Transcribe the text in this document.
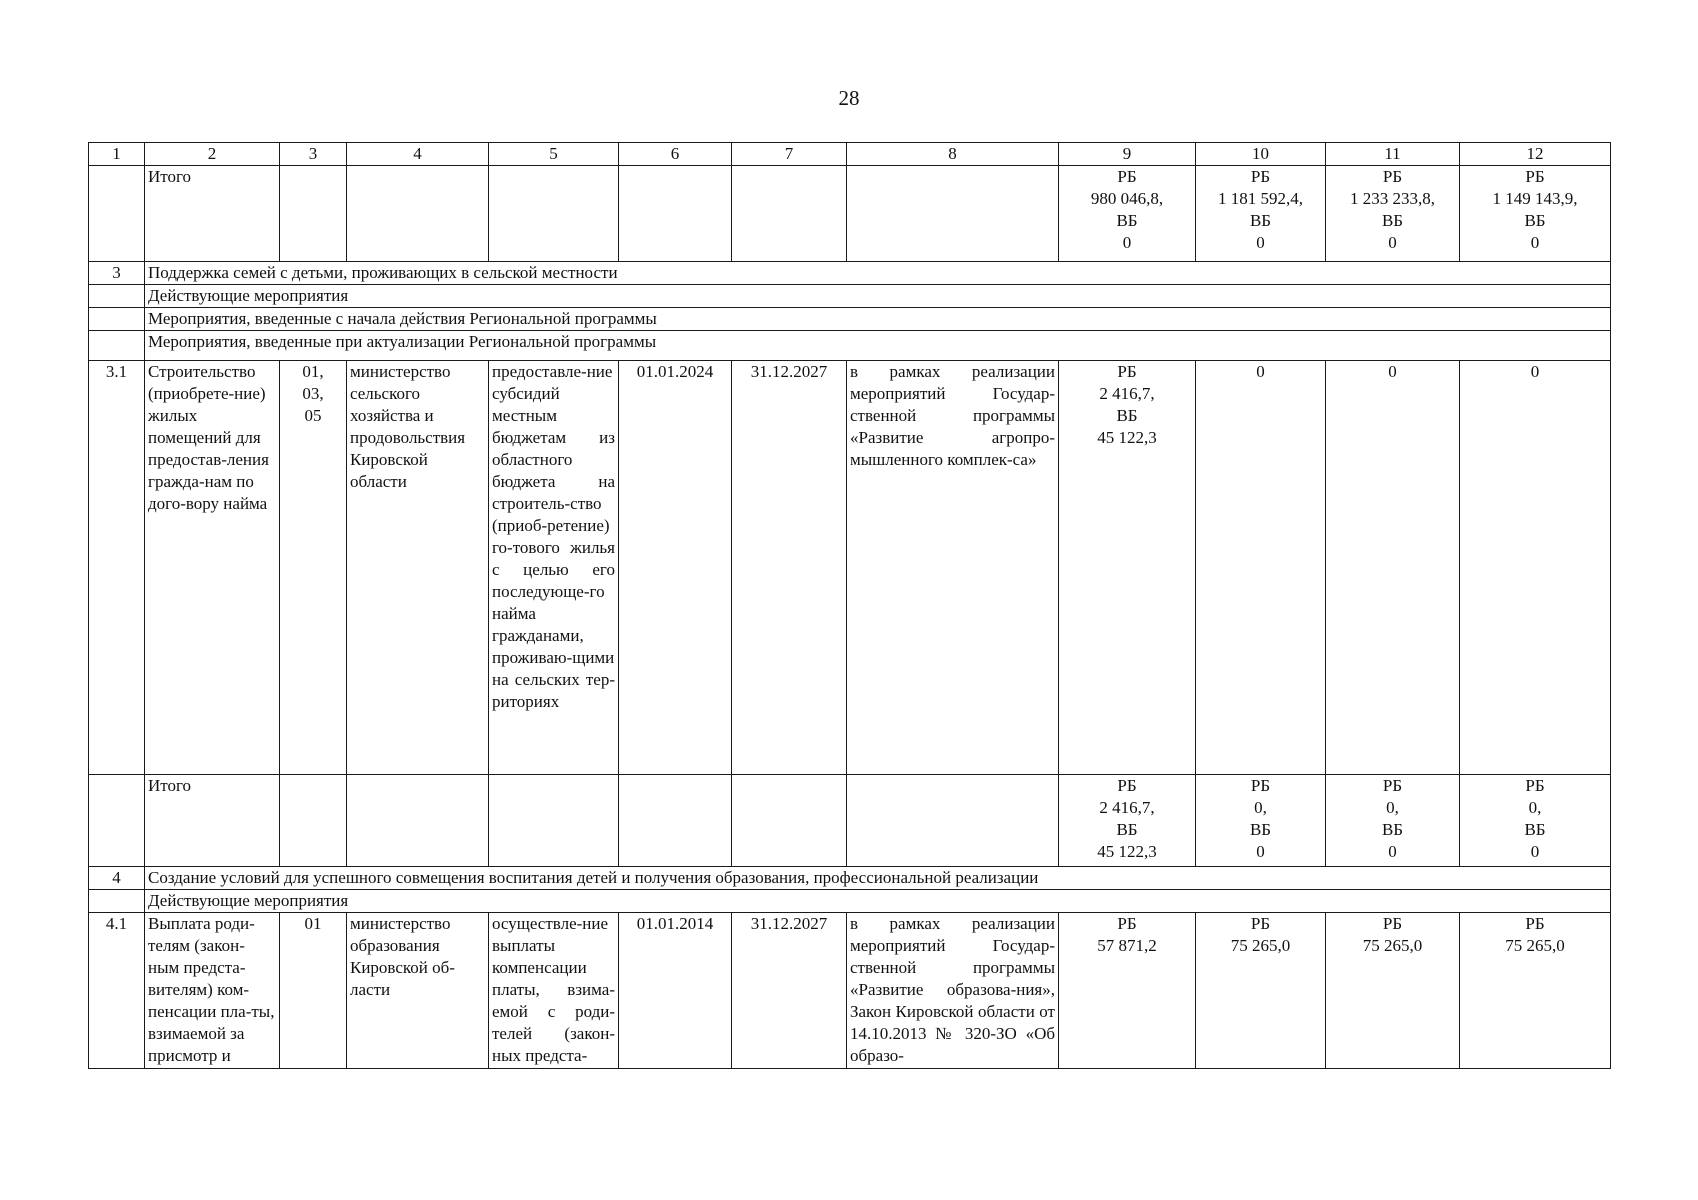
28
1	2	3	4	5	6	7	8	9	10	11	12
	Итого							РБ
980 046,8,
ВБ
0	РБ
1 181 592,4,
ВБ
0	РБ
1 233 233,8,
ВБ
0	РБ
1 149 143,9,
ВБ
0
3	Поддержка семей с детьми, проживающих в сельской местности										
	Действующие мероприятия										
	Мероприятия, введенные с начала действия Региональной программы										
	Мероприятия, введенные при актуализации Региональной программы										
3.1	Строительство (приобрете-ние) жилых помещений для предостав-ления гражда-нам по дого-вору найма	01,
03,
05	министерство сельского хозяйства и продовольствия Кировской области	предоставле-ние субсидий местным бюджетам из областного бюджета на строитель-ство (приоб-ретение) го-тового жилья с целью его последующе-го найма гражданами, проживаю-щими на сельских тер-риториях	01.01.2024	31.12.2027	в рамках реализации мероприятий Государ-ственной программы «Развитие агропро-мышленного комплек-са»	РБ
2 416,7,
ВБ
45 122,3	0	0	0
	Итого							РБ
2 416,7,
ВБ
45 122,3	РБ
0,
ВБ
0	РБ
0,
ВБ
0	РБ
0,
ВБ
0
4	Создание условий для успешного совмещения воспитания детей и получения образования, профессиональной реализации										
	Действующие мероприятия										
4.1	Выплата роди-телям (закон-ным предста-вителям) ком-пенсации пла-ты, взимаемой за присмотр и	01	министерство образования Кировской об-ласти	осуществле-ние выплаты компенсации платы, взима-емой с роди-телей (закон-ных предста-	01.01.2014	31.12.2027	в рамках реализации мероприятий Государ-ственной программы «Развитие образова-ния», Закон Кировской области от 14.10.2013 № 320-ЗО «Об образо-	РБ
57 871,2	РБ
75 265,0	РБ
75 265,0	РБ
75 265,0
